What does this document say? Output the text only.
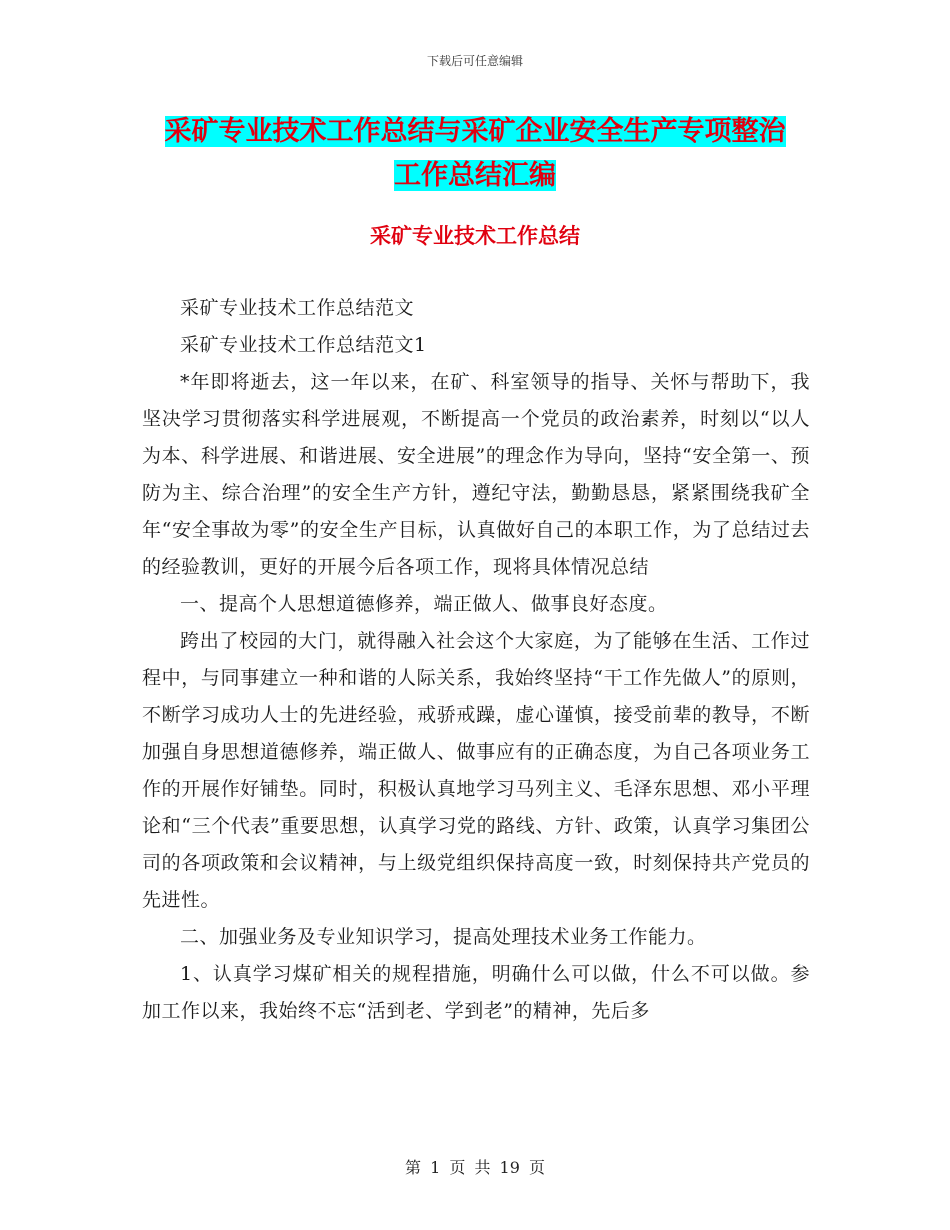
下载后可任意编辑
采矿专业技术工作总结与采矿企业安全生产专项整治
工作总结汇编
采矿专业技术工作总结

采矿专业技术工作总结范文

采矿专业技术工作总结范文1

*年即将逝去，这一年以来，在矿、科室领导的指导、关怀与帮助下，我坚决学习贯彻落实科学进展观，不断提高一个党员的政治素养，时刻以“以人为本、科学进展、和谐进展、安全进展”的理念作为导向，坚持“安全第一、预防为主、综合治理”的安全生产方针，遵纪守法，勤勤恳恳，紧紧围绕我矿全年“安全事故为零”的安全生产目标，认真做好自己的本职工作，为了总结过去的经验教训，更好的开展今后各项工作，现将具体情况总结

一、提高个人思想道德修养，端正做人、做事良好态度。

跨出了校园的大门，就得融入社会这个大家庭，为了能够在生活、工作过程中，与同事建立一种和谐的人际关系，我始终坚持“干工作先做人”的原则，不断学习成功人士的先进经验，戒骄戒躁，虚心谨慎，接受前辈的教导，不断加强自身思想道德修养，端正做人、做事应有的正确态度，为自己各项业务工作的开展作好铺垫。同时，积极认真地学习马列主义、毛泽东思想、邓小平理论和“三个代表”重要思想，认真学习党的路线、方针、政策，认真学习集团公司的各项政策和会议精神，与上级党组织保持高度一致，时刻保持共产党员的先进性。

二、加强业务及专业知识学习，提高处理技术业务工作能力。

1、认真学习煤矿相关的规程措施，明确什么可以做，什么不可以做。参加工作以来，我始终不忘“活到老、学到老”的精神，先后多

第 1 页 共 19 页
